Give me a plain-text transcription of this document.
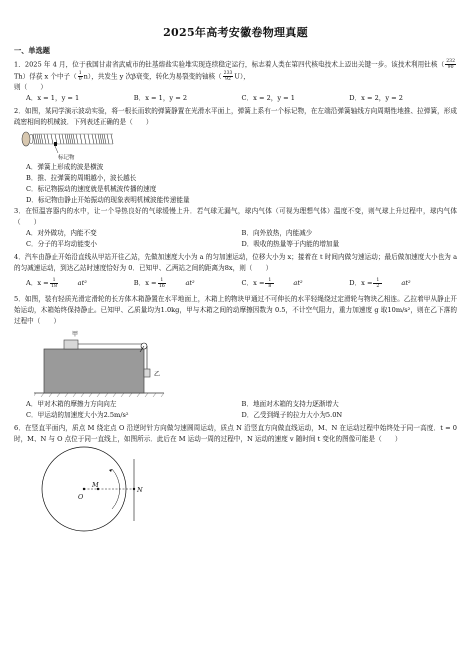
2025年高考安徽卷物理真题
一、单选题

1．2025 年 4 月，位于我国甘肃省武威市的钍基熔盐实验堆实现连续稳定运行，标志着人类在第四代核电技术上迈出关键一步。该技术利用钍核（ $\frac{232}{90}$
Th）俘获 x 个中子（ $\frac{1}{0} n$），共发生 y 次β衰变，转化为易裂变的铀核（ $\frac{233}{92} U$），
则（　　）

A．x = 1，y = 1	B．x = 1，y = 2	C．x = 2，y = 1	D．x = 2，y = 2

2．如图，某同学演示波动实验，将一根长而软的弹簧静置在光滑水平面上，弹簧上系有一个标记物，在左端沿弹簧轴线方向周期性地推、拉弹簧，形成疏密相间的机械波．下列表述正确的是（　　）

标记物
A．弹簧上形成的波是横波
B．推、拉弹簧的周期越小，波长越长
C．标记物振动的速度就是机械波传播的速度
D．标记物由静止开始振动的现象表明机械波能传递能量

3．在恒温容器内的水中，让一个导热良好的气球缓慢上升．若气球无漏气，球内气体（可视为理想气体）温度不变，则气球上升过程中，球内气体（　　）

A．对外做功，内能不变	B．向外放热，内能减少
C．分子的平均动能变小	D．吸收的热量等于内能的增加量

4．汽车由静止开始沿直线从甲站开往乙站，先做加速度大小为 a 的匀加速运动，位移大小为 x；接着在 t 时间内做匀速运动；最后做加速度大小也为 a 的匀减速运动，到达乙站时速度恰好为 0．已知甲、乙两站之间的距离为8x，则（　　）

A．$x = \frac{1}{18} at^2$	B．$x = \frac{1}{16} at^2$	C．$x = \frac{1}{8} at^2$	D．$x = \frac{1}{2} at^2$

5．如图，装有轻质光滑定滑轮的长方体木箱静置在水平地面上，木箱上的物块甲通过不可伸长的水平轻绳绕过定滑轮与物块乙相连。乙拉着甲从静止开始运动，木箱始终保持静止。已知甲、乙质量均为1.0kg，甲与木箱之间的动摩擦因数为 0.5，不计空气阻力，重力加速度 g 取10m/s²，则在乙下落的过程中（　　）

甲
乙
A．甲对木箱的摩擦力方向向左	B．地面对木箱的支持力逐渐增大
C．甲运动的加速度大小为2.5m/s²	D．乙受到绳子的拉力大小为5.0N

6．在竖直平面内，质点 M 绕定点 O 沿逆时针方向做匀速圆周运动，质点 N 沿竖直方向做直线运动，M、N 在运动过程中始终处于同一高度．t = 0 时，M、N 与 O 点位于同一直线上，如图所示．此后在 M 运动一周的过程中，N 运动的速度 v 随时间 t 变化的图像可能是（　　）

O
M
N
